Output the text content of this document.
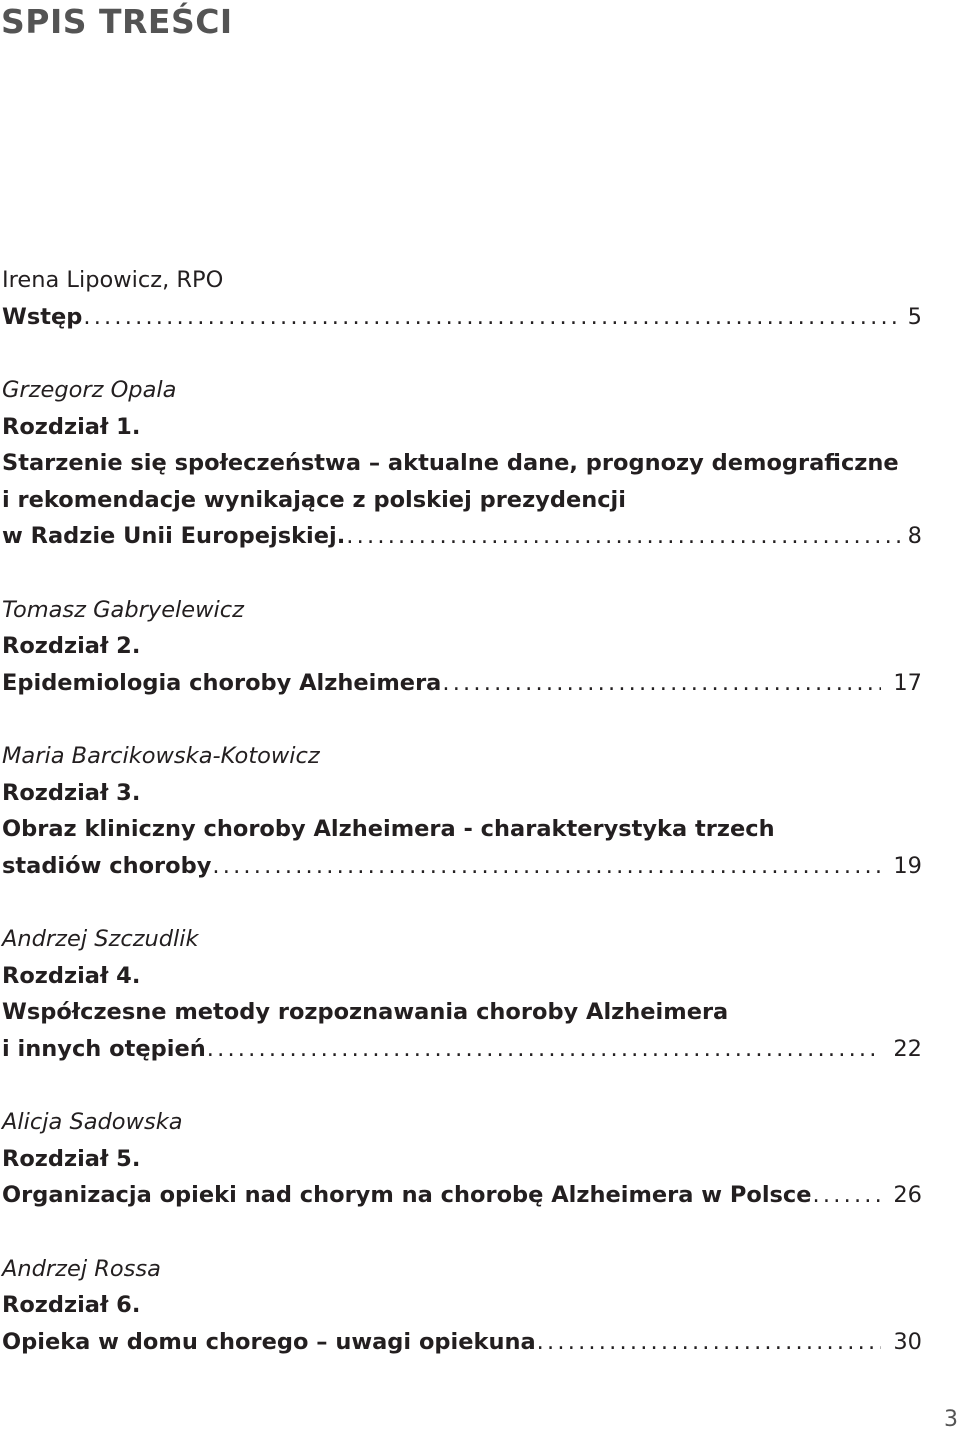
SPIS TREŚCI
Irena Lipowicz, RPO
Wstęp .....	5
Grzegorz Opala
Rozdział 1.
Starzenie się społeczeństwa – aktualne dane, prognozy demograficzne
i rekomendacje wynikające z polskiej prezydencji
w Radzie Unii Europejskiej. .....	8
Tomasz Gabryelewicz
Rozdział 2.
Epidemiologia choroby Alzheimera .....	17
Maria Barcikowska-Kotowicz
Rozdział 3.
Obraz kliniczny choroby Alzheimera - charakterystyka trzech
stadiów choroby .....	19
Andrzej Szczudlik
Rozdział 4.
Współczesne metody rozpoznawania choroby Alzheimera
i innych otępień .....	22
Alicja Sadowska
Rozdział 5.
Organizacja opieki nad chorym na chorobę Alzheimera w Polsce .....	26
Andrzej Rossa
Rozdział 6.
Opieka w domu chorego – uwagi opiekuna .....	30
3
